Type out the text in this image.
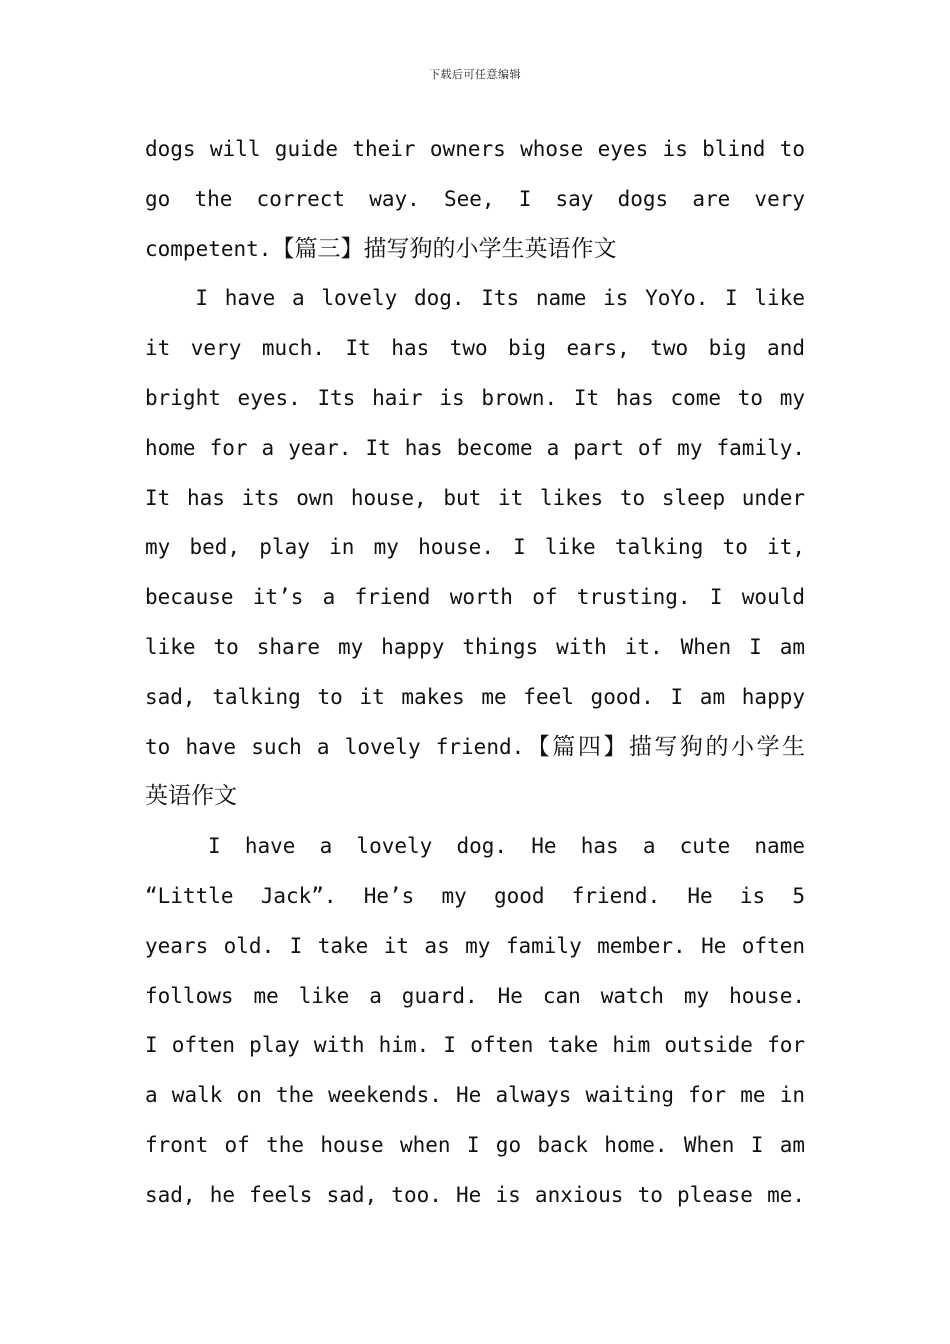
下载后可任意编辑
dogs will guide their owners whose eyes is blind to
go the correct way. See, I say dogs are very
competent.【篇三】描写狗的小学生英语作文
I have a lovely dog. Its name is YoYo. I like
it very much. It has two big ears, two big and
bright eyes. Its hair is brown. It has come to my
home for a year. It has become a part of my family.
It has its own house, but it likes to sleep under
my bed, play in my house. I like talking to it,
because it’s a friend worth of trusting. I would
like to share my happy things with it. When I am
sad, talking to it makes me feel good. I am happy
to have such a lovely friend.【篇四】描写狗的小学生
英语作文
I have a lovely dog. He has a cute name
“Little Jack”. He’s my good friend. He is 5
years old. I take it as my family member. He often
follows me like a guard. He can watch my house.
I often play with him. I often take him outside for
a walk on the weekends. He always waiting for me in
front of the house when I go back home. When I am
sad, he feels sad, too. He is anxious to please me.
